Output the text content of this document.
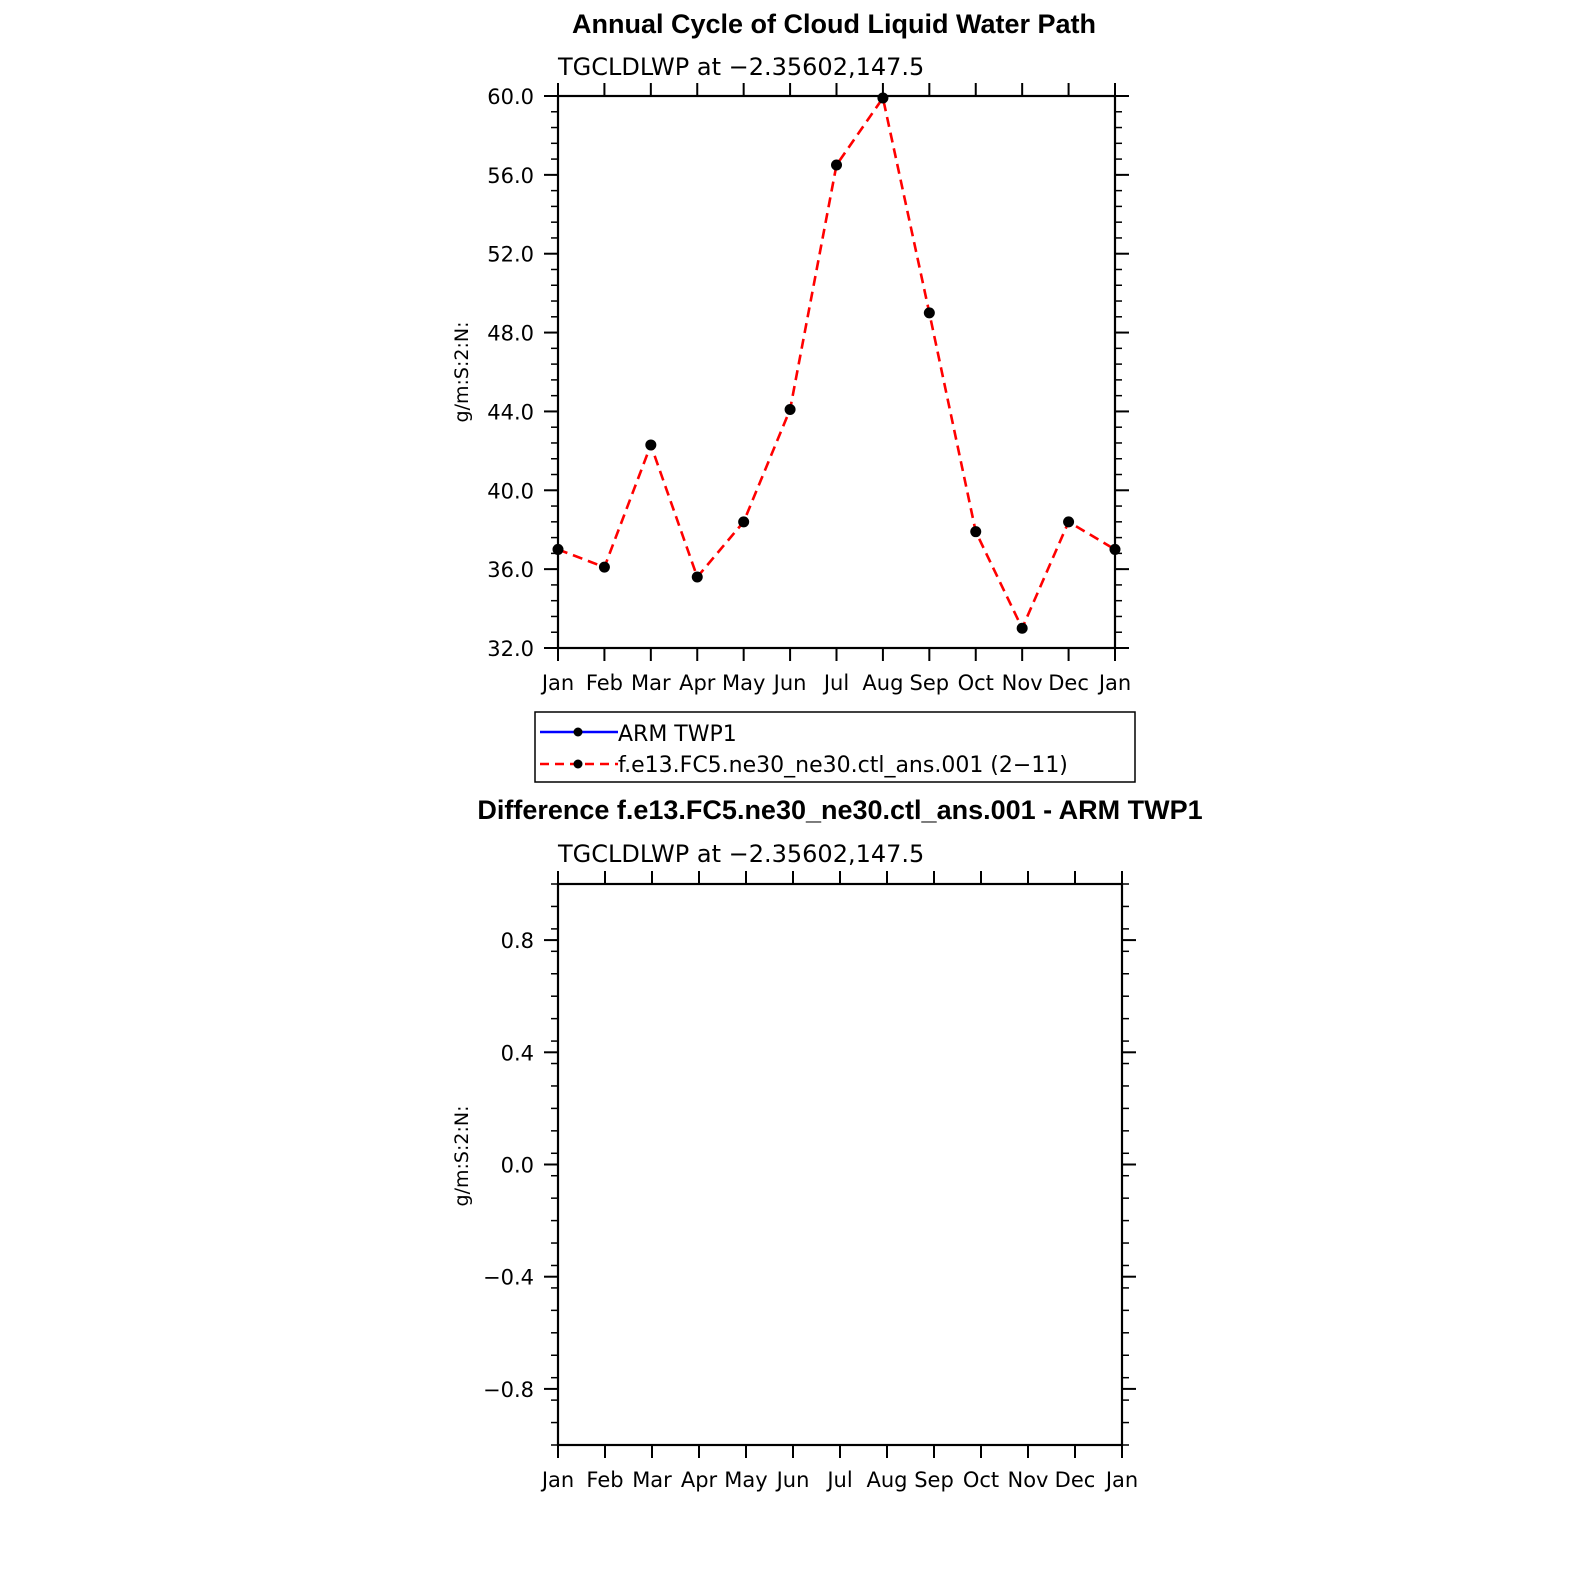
Annual Cycle of Cloud Liquid Water Path
TGCLDLWP at −2.35602,147.5
g/m:S:2:N:
Jan Feb Mar Apr May Jun Jul Aug Sep Oct Nov Dec Jan
32.0
36.0
40.0
44.0
48.0
52.0
56.0
60.0
ARM TWP1
f.e13.FC5.ne30_ne30.ctl_ans.001 (2−11)
Difference f.e13.FC5.ne30_ne30.ctl_ans.001 - ARM TWP1
TGCLDLWP at −2.35602,147.5
g/m:S:2:N:
Jan Feb Mar Apr May Jun Jul Aug Sep Oct Nov Dec Jan
−0.8
−0.4
0.0
0.4
0.8
